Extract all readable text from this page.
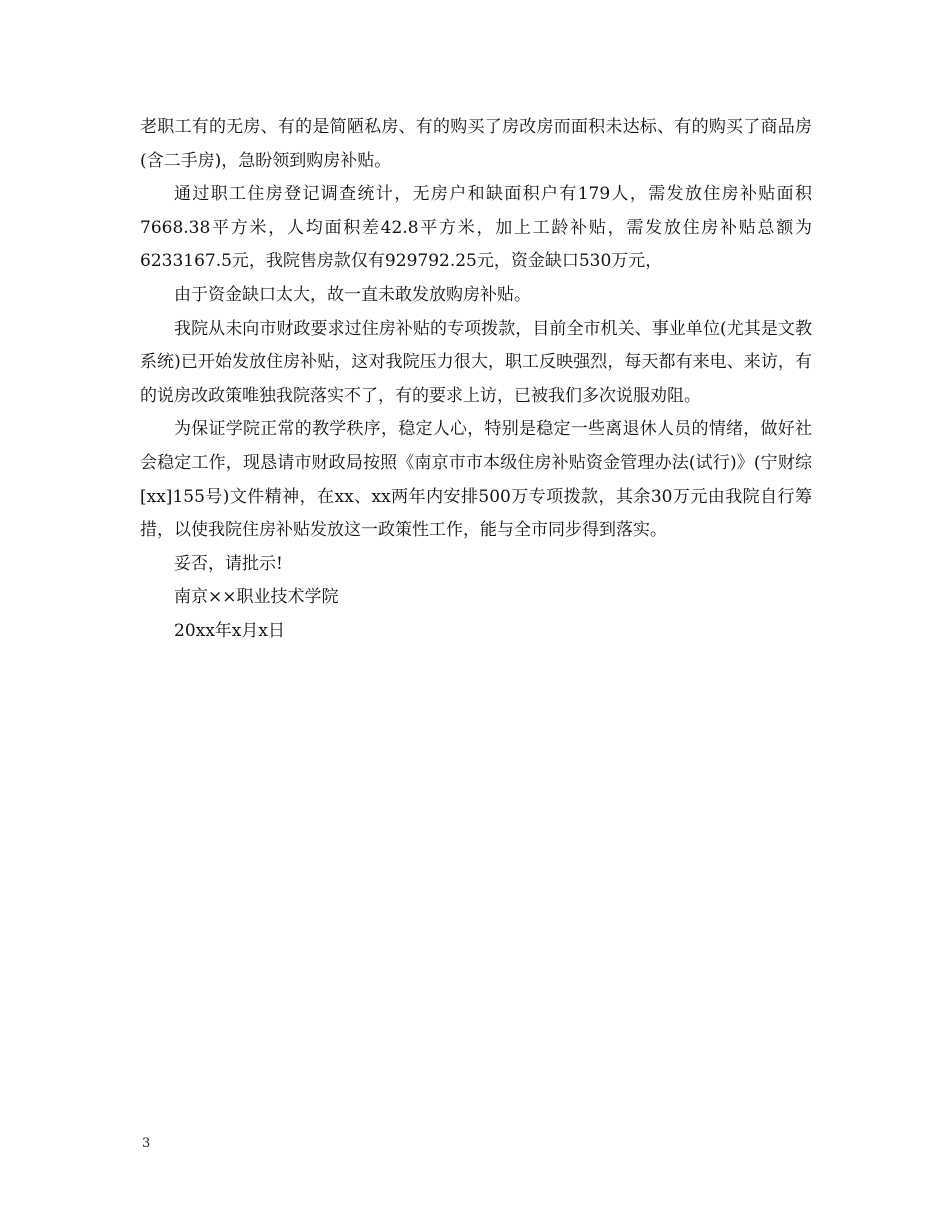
老职工有的无房、有的是简陋私房、有的购买了房改房而面积未达标、有的购买了商品房(含二手房)，急盼领到购房补贴。

通过职工住房登记调查统计，无房户和缺面积户有179人，需发放住房补贴面积7668.38平方米，人均面积差42.8平方米，加上工龄补贴，需发放住房补贴总额为6233167.5元，我院售房款仅有929792.25元，资金缺口530万元，

由于资金缺口太大，故一直未敢发放购房补贴。

我院从未向市财政要求过住房补贴的专项拨款，目前全市机关、事业单位(尤其是文教系统)已开始发放住房补贴，这对我院压力很大，职工反映强烈，每天都有来电、来访，有的说房改政策唯独我院落实不了，有的要求上访，已被我们多次说服劝阻。

为保证学院正常的教学秩序，稳定人心，特别是稳定一些离退休人员的情绪，做好社会稳定工作，现恳请市财政局按照《南京市市本级住房补贴资金管理办法(试行)》(宁财综[xx]155号)文件精神，在xx、xx两年内安排500万专项拨款，其余30万元由我院自行筹措，以使我院住房补贴发放这一政策性工作，能与全市同步得到落实。

妥否，请批示!

南京××职业技术学院

20xx年x月x日

3
